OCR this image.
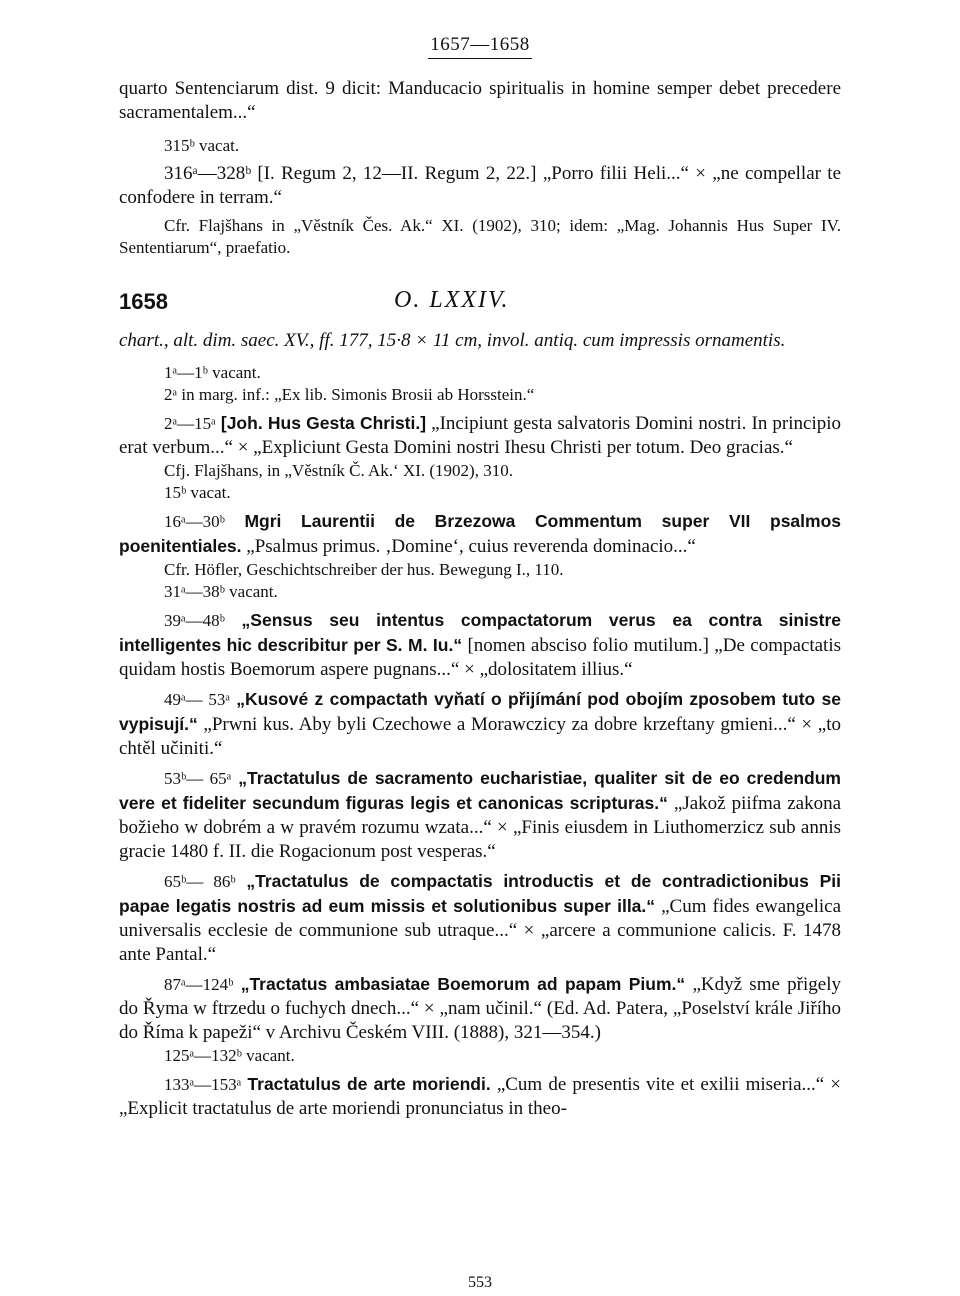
1657—1658

quarto Sentenciarum dist. 9 dicit: Manducacio spiritualis in homine semper debet precedere sacramentalem...“

315ᵇ vacat.

316ᵃ—328ᵇ [I. Regum 2, 12—II. Regum 2, 22.] „Porro filii Heli...“ × „ne compellar te confodere in terram.“

Cfr. Flajšhans in „Věstník Čes. Ak.“ XI. (1902), 310; idem: „Mag. Johannis Hus Super IV. Sententiarum“, praefatio.

1658	O. LXXIV.

chart., alt. dim. saec. XV., ff. 177, 15·8 × 11 cm, invol. antiq. cum impressis ornamentis.

1ᵃ—1ᵇ vacant.

2ᵃ in marg. inf.: „Ex lib. Simonis Brosii ab Horsstein.“

2ᵃ—15ᵃ [Joh. Hus Gesta Christi.] „Incipiunt gesta salvatoris Domini nostri. In principio erat verbum...“ × „Expliciunt Gesta Domini nostri Ihesu Christi per totum. Deo gracias.“

Cfj. Flajšhans, in „Věstník Č. Ak.‘ XI. (1902), 310.

15ᵇ vacat.

16ᵃ—30ᵇ Mgri Laurentii de Brzezowa Commentum super VII psalmos poenitentiales. „Psalmus primus. ‚Domine‘, cuius reverenda dominacio...“

Cfr. Höfler, Geschichtschreiber der hus. Bewegung I., 110.

31ᵃ—38ᵇ vacant.

39ᵃ—48ᵇ „Sensus seu intentus compactatorum verus ea contra sinistre intelligentes hic describitur per S. M. Iu.“ [nomen absciso folio mutilum.] „De compactatis quidam hostis Boemorum aspere pugnans...“ × „dolositatem illius.“

49ᵃ— 53ᵃ „Kusové z compactath vyňatí o přijímání pod obojím zposobem tuto se vypisují.“ „Prwni kus. Aby byli Czechowe a Morawczicy za dobre krzeftany gmieni...“ × „to chtěl učiniti.“

53ᵇ— 65ᵃ „Tractatulus de sacramento eucharistiae, qualiter sit de eo credendum vere et fideliter secundum figuras legis et canonicas scripturas.“ „Jakož piifma zakona božieho w dobrém a w pravém rozumu wzata...“ × „Finis eiusdem in Liuthomerzicz sub annis gracie 1480 f. II. die Rogacionum post vesperas.“

65ᵇ— 86ᵇ „Tractatulus de compactatis introductis et de contradictionibus Pii papae legatis nostris ad eum missis et solutionibus super illa.“ „Cum fides ewangelica universalis ecclesie de communione sub utraque...“ × „arcere a communione calicis. F. 1478 ante Pantal.“

87ᵃ—124ᵇ „Tractatus ambasiatae Boemorum ad papam Pium.“ „Když sme přigely do Řyma w ftrzedu o fuchych dnech...“ × „nam učinil.“ (Ed. Ad. Patera, „Poselství krále Jiřího do Říma k papeži“ v Archivu Českém VIII. (1888), 321—354.)

125ᵃ—132ᵇ vacant.

133ᵃ—153ᵃ Tractatulus de arte moriendi. „Cum de presentis vite et exilii miseria...“ × „Explicit tractatulus de arte moriendi pronunciatus in theo-

553
